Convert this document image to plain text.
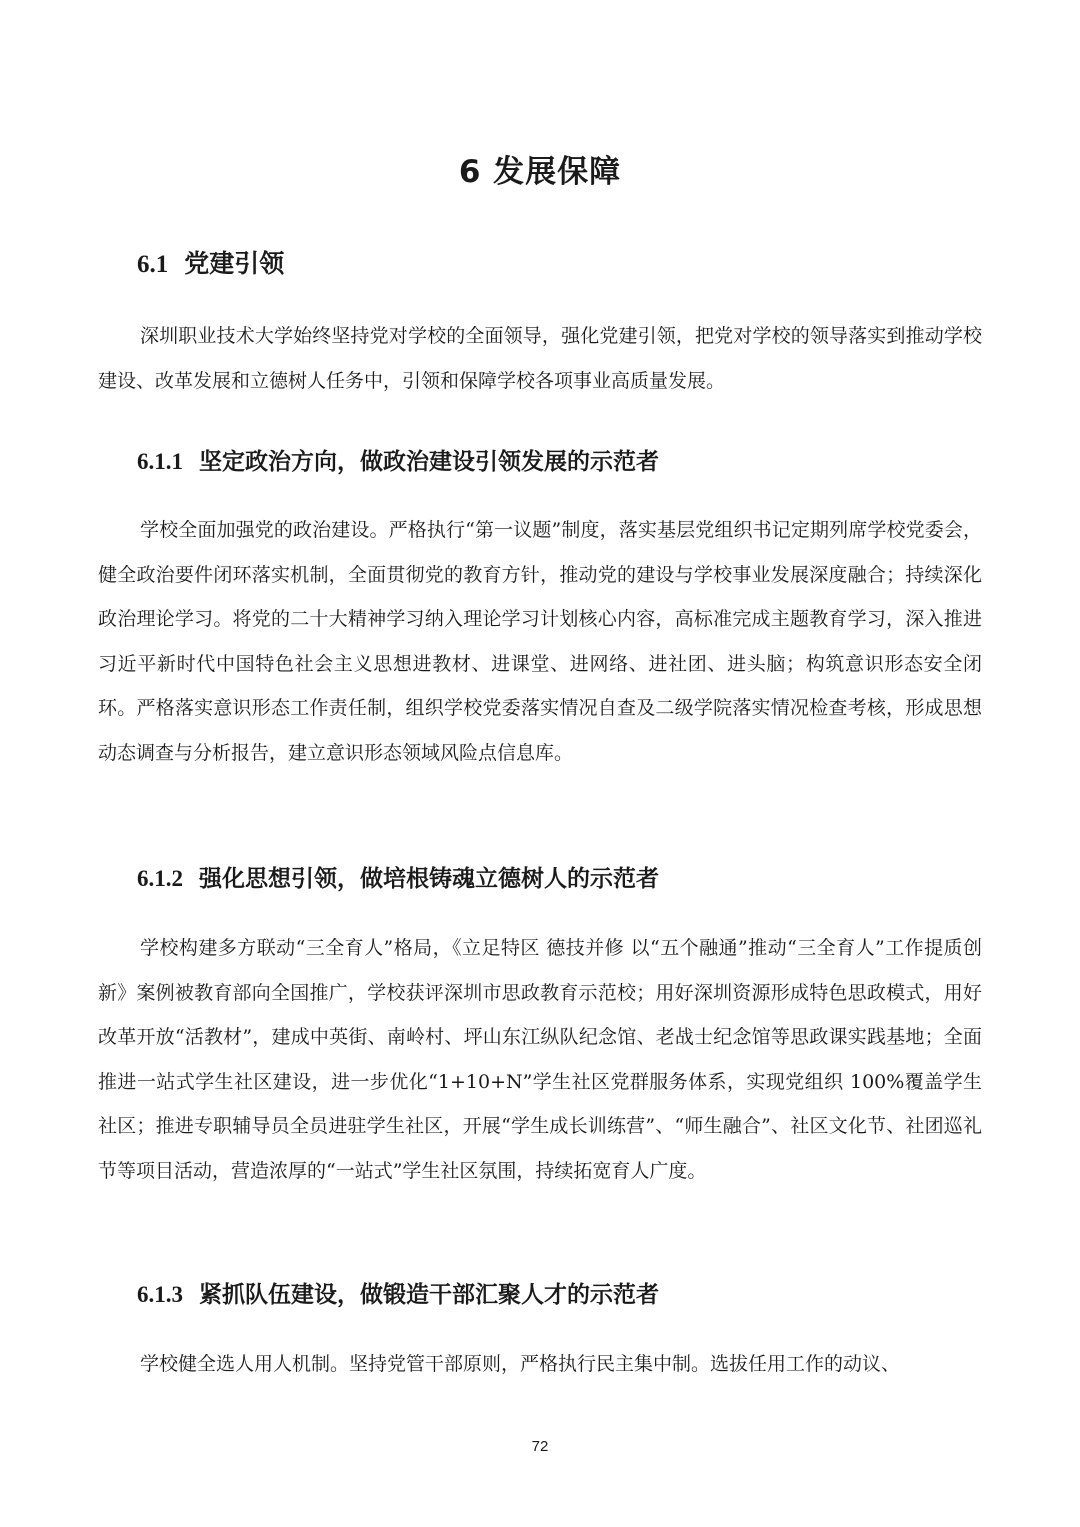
6 发展保障
6.1 党建引领

深圳职业技术大学始终坚持党对学校的全面领导，强化党建引领，把党对学校的领导落实到推动学校建设、改革发展和立德树人任务中，引领和保障学校各项事业高质量发展。

6.1.1 坚定政治方向，做政治建设引领发展的示范者

学校全面加强党的政治建设。严格执行“第一议题”制度，落实基层党组织书记定期列席学校党委会，健全政治要件闭环落实机制，全面贯彻党的教育方针，推动党的建设与学校事业发展深度融合；持续深化政治理论学习。将党的二十大精神学习纳入理论学习计划核心内容，高标准完成主题教育学习，深入推进习近平新时代中国特色社会主义思想进教材、进课堂、进网络、进社团、进头脑；构筑意识形态安全闭环。严格落实意识形态工作责任制，组织学校党委落实情况自查及二级学院落实情况检查考核，形成思想动态调查与分析报告，建立意识形态领域风险点信息库。

6.1.2 强化思想引领，做培根铸魂立德树人的示范者

学校构建多方联动“三全育人”格局，《立足特区 德技并修 以“五个融通”推动“三全育人”工作提质创新》案例被教育部向全国推广，学校获评深圳市思政教育示范校；用好深圳资源形成特色思政模式，用好改革开放“活教材”，建成中英街、南岭村、坪山东江纵队纪念馆、老战士纪念馆等思政课实践基地；全面推进一站式学生社区建设，进一步优化“1+10+N”学生社区党群服务体系，实现党组织 100%覆盖学生社区；推进专职辅导员全员进驻学生社区，开展“学生成长训练营”、“师生融合”、社区文化节、社团巡礼节等项目活动，营造浓厚的“一站式”学生社区氛围，持续拓宽育人广度。

6.1.3 紧抓队伍建设，做锻造干部汇聚人才的示范者

学校健全选人用人机制。坚持党管干部原则，严格执行民主集中制。选拔任用工作的动议、

72
